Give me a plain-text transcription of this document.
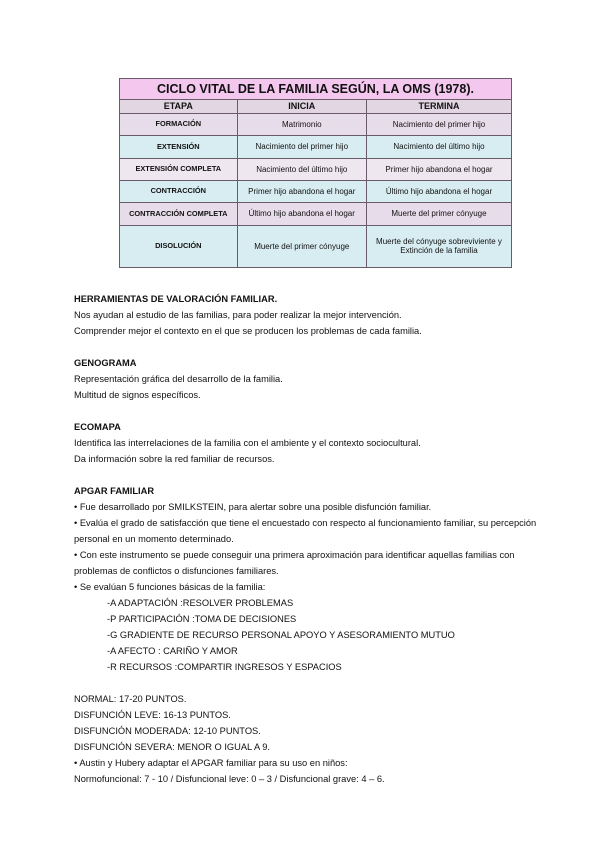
CICLO VITAL DE LA FAMILIA SEGÚN, LA OMS (1978).		
ETAPA	INICIA	TERMINA
FORMACIÓN	Matrimonio	Nacimiento del primer hijo
EXTENSIÓN	Nacimiento del primer hijo	Nacimiento del último hijo
EXTENSIÓN COMPLETA	Nacimiento del último hijo	Primer hijo abandona el hogar
CONTRACCIÓN	Primer hijo abandona el hogar	Último hijo abandona el hogar
CONTRACCIÓN COMPLETA	Último hijo abandona el hogar	Muerte del primer cónyuge
DISOLUCIÓN	Muerte del primer cónyuge	Muerte del cónyuge sobreviviente y Extinción de la familia

HERRAMIENTAS DE VALORACIÓN FAMILIAR.

Nos ayudan al estudio de las familias, para poder realizar la mejor intervención.

Comprender mejor el contexto en el que se producen los problemas de cada familia.

GENOGRAMA

Representación gráfica del desarrollo de la familia.

Multitud de signos específicos.

ECOMAPA

Identifica las interrelaciones de la familia con el ambiente y el contexto sociocultural.

Da información sobre la red familiar de recursos.

APGAR FAMILIAR

• Fue desarrollado por SMILKSTEIN, para alertar sobre una posible disfunción familiar.

• Evalúa el grado de satisfacción que tiene el encuestado con respecto al funcionamiento familiar, su percepción personal en un momento determinado.

• Con este instrumento se puede conseguir una primera aproximación para identificar aquellas familias con problemas de conflictos o disfunciones familiares.

• Se evalúan 5 funciones básicas de la familia:

-A ADAPTACIÓN :RESOLVER PROBLEMAS

-P PARTICIPACIÓN :TOMA DE DECISIONES

-G GRADIENTE DE RECURSO PERSONAL APOYO Y ASESORAMIENTO MUTUO

-A AFECTO : CARIÑO Y AMOR

-R RECURSOS :COMPARTIR INGRESOS Y ESPACIOS

NORMAL: 17-20 PUNTOS.

DISFUNCIÓN LEVE: 16-13 PUNTOS.

DISFUNCIÓN MODERADA: 12-10 PUNTOS.

DISFUNCIÓN SEVERA: MENOR O IGUAL A 9.

• Austin y Hubery adaptar el APGAR familiar para su uso en niños:

Normofuncional: 7 - 10 / Disfuncional leve: 0 – 3 / Disfuncional grave: 4 – 6.
